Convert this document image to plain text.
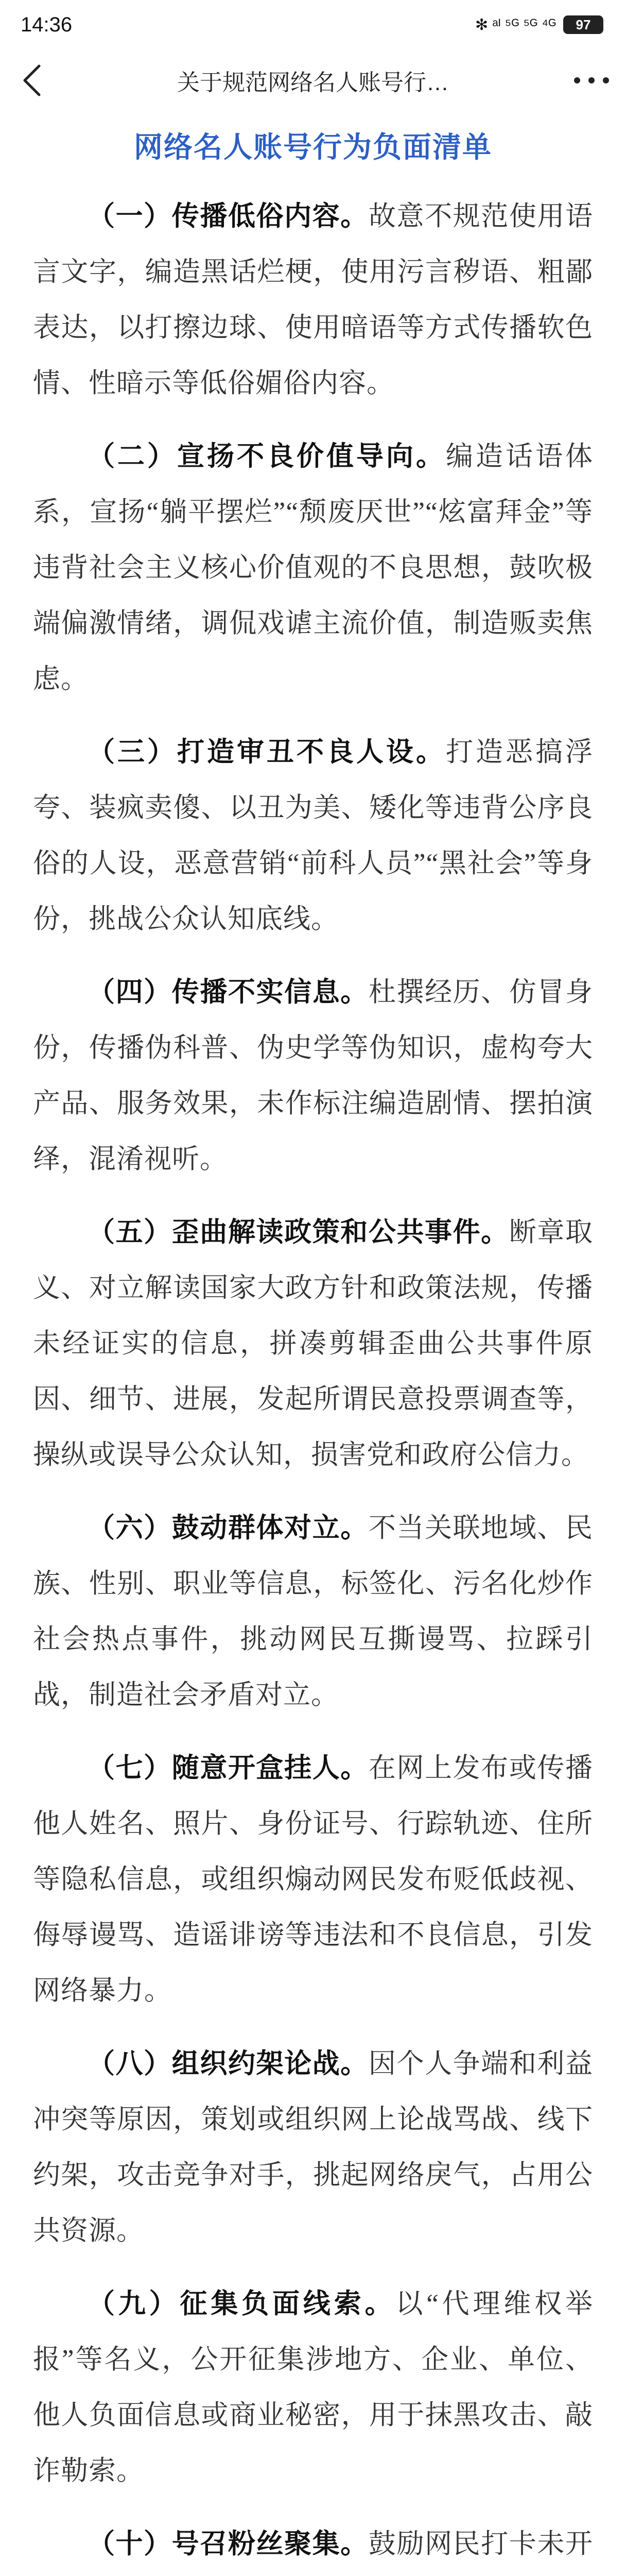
14:36	✻ ᵃᴵ ⁵ᴳ ⁵ᴳ ⁴ᴳ	97
关于规范网络名人账号行…
网络名人账号行为负面清单

（一）传播低俗内容。故意不规范使用语言文字，编造黑话烂梗，使用污言秽语、粗鄙表达，以打擦边球、使用暗语等方式传播软色情、性暗示等低俗媚俗内容。

（二）宣扬不良价值导向。编造话语体系，宣扬“躺平摆烂”“颓废厌世”“炫富拜金”等违背社会主义核心价值观的不良思想，鼓吹极端偏激情绪，调侃戏谑主流价值，制造贩卖焦虑。

（三）打造审丑不良人设。打造恶搞浮夸、装疯卖傻、以丑为美、矮化等违背公序良俗的人设，恶意营销“前科人员”“黑社会”等身份，挑战公众认知底线。

（四）传播不实信息。杜撰经历、仿冒身份，传播伪科普、伪史学等伪知识，虚构夸大产品、服务效果，未作标注编造剧情、摆拍演绎，混淆视听。

（五）歪曲解读政策和公共事件。断章取义、对立解读国家大政方针和政策法规，传播未经证实的信息，拼凑剪辑歪曲公共事件原因、细节、进展，发起所谓民意投票调查等，操纵或误导公众认知，损害党和政府公信力。

（六）鼓动群体对立。不当关联地域、民族、性别、职业等信息，标签化、污名化炒作社会热点事件，挑动网民互撕谩骂、拉踩引战，制造社会矛盾对立。

（七）随意开盒挂人。在网上发布或传播他人姓名、照片、身份证号、行踪轨迹、住所等隐私信息，或组织煽动网民发布贬低歧视、侮辱谩骂、造谣诽谤等违法和不良信息，引发网络暴力。

（八）组织约架论战。因个人争端和利益冲突等原因，策划或组织网上论战骂战、线下约架，攻击竞争对手，挑起网络戾气，占用公共资源。

（九）征集负面线索。以“代理维权举报”等名义，公开征集涉地方、企业、单位、他人负面信息或商业秘密，用于抹黑攻击、敲诈勒索。

（十）号召粉丝聚集。鼓励网民打卡未开
